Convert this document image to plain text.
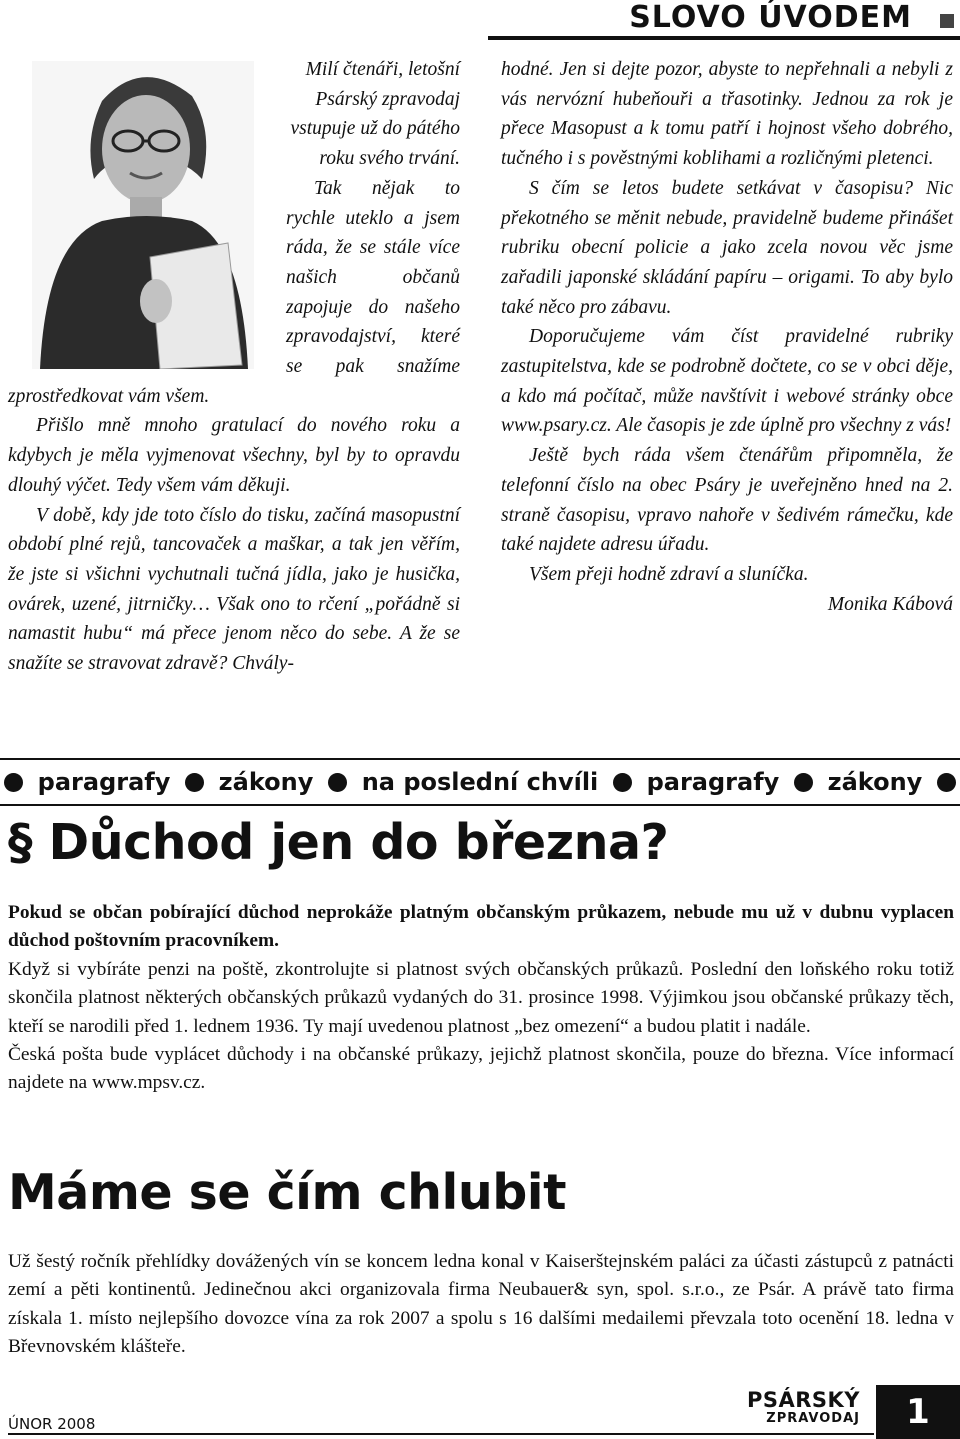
SLOVO ÚVODEM

Milí čtenáři, letošní Psárský zpravodaj vstupuje už do pátého roku svého trvání.

Tak nějak to rychle uteklo a jsem ráda, že se stále více našich občanů zapojuje do našeho zpravodajství, které se pak snažíme zprostředkovat vám všem.

Přišlo mně mnoho gratulací do nového roku a kdybych je měla vyjmenovat všechny, byl by to opravdu dlouhý výčet. Tedy všem vám děkuji.

V době, kdy jde toto číslo do tisku, začíná masopustní období plné rejů, tancovaček a maškar, a tak jen věřím, že jste si všichni vychutnali tučná jídla, jako je husička, ovárek, uzené, jitrničky… Však ono to rčení „pořádně si namastit hubu“ má přece jenom něco do sebe. A že se snažíte se stravovat zdravě? Chvály-

hodné. Jen si dejte pozor, abyste to nepřehnali a nebyli z vás nervózní hubeňouři a třasotinky. Jednou za rok je přece Masopust a k tomu patří i hojnost všeho dobrého, tučného i s pověstnými koblihami a rozličnými pletenci.

S čím se letos budete setkávat v časopisu? Nic překotného se měnit nebude, pravidelně budeme přinášet rubriku obecní policie a jako zcela novou věc jsme zařadili japonské skládání papíru – origami. To aby bylo také něco pro zábavu.

Doporučujeme vám číst pravidelné rubriky zastupitelstva, kde se podrobně dočtete, co se v obci děje, a kdo má počítač, může navštívit i webové stránky obce www.psary.cz. Ale časopis je zde úplně pro všechny z vás!

Ještě bych ráda všem čtenářům připomněla, že telefonní číslo na obec Psáry je uveřejněno hned na 2. straně časopisu, vpravo nahoře v šedivém rámečku, kde také najdete adresu úřadu.

Všem přeji hodně zdraví a sluníčka.

Monika Kábová

paragrafy zákony na poslední chvíli paragrafy zákony
§ Důchod jen do března?

Pokud se občan pobírající důchod neprokáže platným občanským průkazem, nebude mu už v dubnu vyplacen důchod poštovním pracovníkem.

Když si vybíráte penzi na poště, zkontrolujte si platnost svých občanských průkazů. Poslední den loňského roku totiž skončila platnost některých občanských průkazů vydaných do 31. prosince 1998. Výjimkou jsou občanské průkazy těch, kteří se narodili před 1. lednem 1936. Ty mají uvedenou platnost „bez omezení“ a budou platit i nadále.

Česká pošta bude vyplácet důchody i na občanské průkazy, jejichž platnost skončila, pouze do března. Více informací najdete na www.mpsv.cz.

Máme se čím chlubit

Už šestý ročník přehlídky dovážených vín se koncem ledna konal v Kaiserštejnském paláci za účasti zástupců z patnácti zemí a pěti kontinentů. Jedinečnou akci organizovala firma Neubauer& syn, spol. s.r.o., ze Psár. A právě tato firma získala 1. místo nejlepšího dovozce vína za rok 2007 a spolu s 16 dalšími medailemi převzala toto ocenění 18. ledna v Břevnovském klášteře.

ÚNOR 2008
PSÁRSKÝ
ZPRAVODAJ	1
